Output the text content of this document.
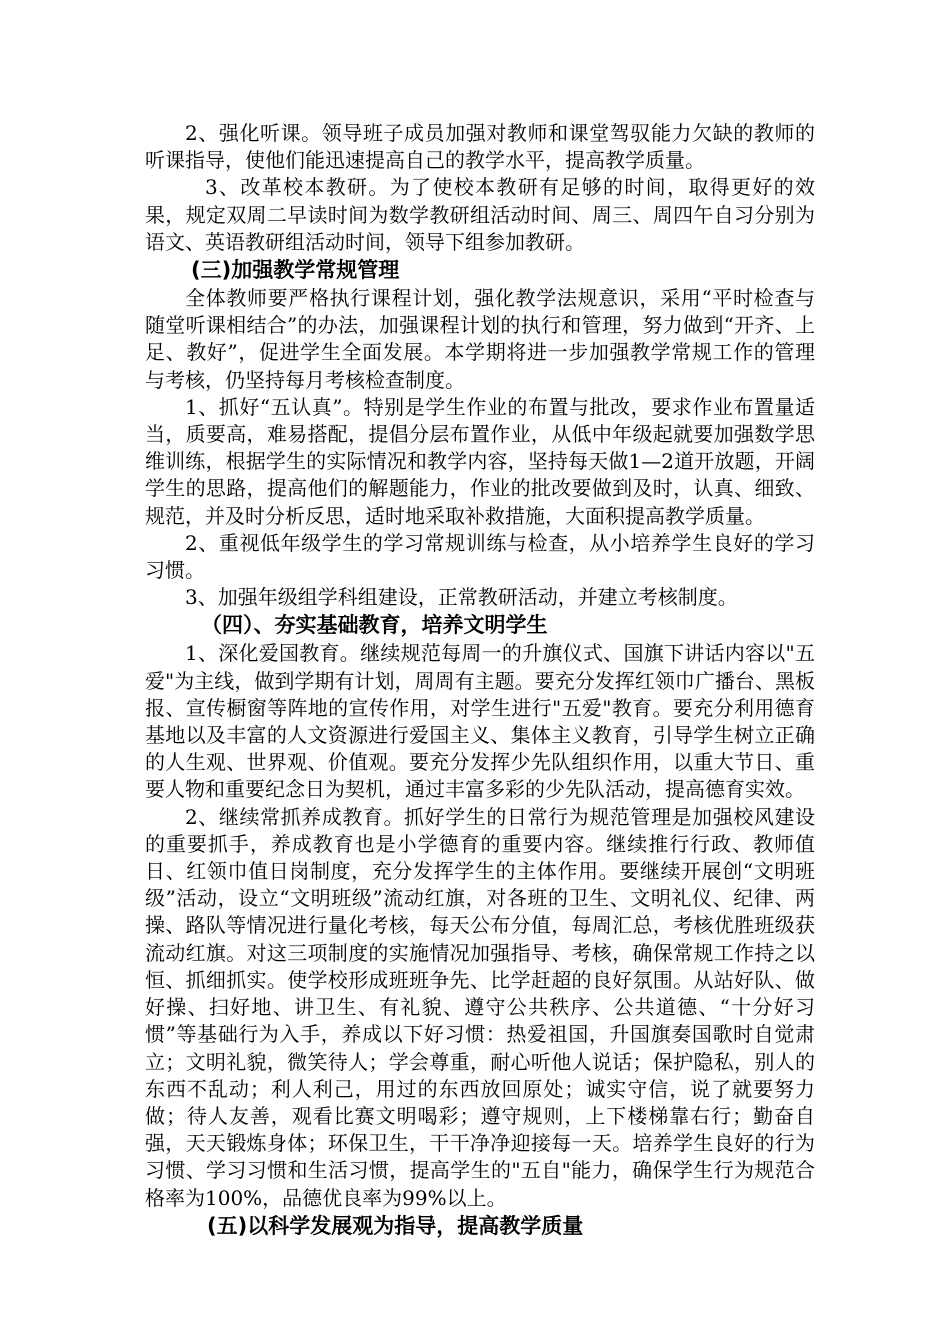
2、强化听课。领导班子成员加强对教师和课堂驾驭能力欠缺的教师的听课指导，使他们能迅速提高自己的教学水平，提高教学质量。

3、改革校本教研。为了使校本教研有足够的时间，取得更好的效果，规定双周二早读时间为数学教研组活动时间、周三、周四午自习分别为语文、英语教研组活动时间，领导下组参加教研。

(三)加强教学常规管理

全体教师要严格执行课程计划，强化教学法规意识，采用“平时检查与随堂听课相结合”的办法，加强课程计划的执行和管理，努力做到“开齐、上足、教好”，促进学生全面发展。本学期将进一步加强教学常规工作的管理与考核，仍坚持每月考核检查制度。

1、抓好“五认真”。特别是学生作业的布置与批改，要求作业布置量适当，质要高，难易搭配，提倡分层布置作业，从低中年级起就要加强数学思维训练，根据学生的实际情况和教学内容，坚持每天做1—2道开放题，开阔学生的思路，提高他们的解题能力，作业的批改要做到及时，认真、细致、规范，并及时分析反思，适时地采取补救措施，大面积提高教学质量。

2、重视低年级学生的学习常规训练与检查，从小培养学生良好的学习习惯。

3、加强年级组学科组建设，正常教研活动，并建立考核制度。

（四）、夯实基础教育，培养文明学生

1、深化爱国教育。继续规范每周一的升旗仪式、国旗下讲话内容以"五爱"为主线，做到学期有计划，周周有主题。要充分发挥红领巾广播台、黑板报、宣传橱窗等阵地的宣传作用，对学生进行"五爱"教育。要充分利用德育基地以及丰富的人文资源进行爱国主义、集体主义教育，引导学生树立正确的人生观、世界观、价值观。要充分发挥少先队组织作用，以重大节日、重要人物和重要纪念日为契机，通过丰富多彩的少先队活动，提高德育实效。

2、继续常抓养成教育。抓好学生的日常行为规范管理是加强校风建设的重要抓手，养成教育也是小学德育的重要内容。继续推行行政、教师值日、红领巾值日岗制度，充分发挥学生的主体作用。要继续开展创“文明班级”活动，设立“文明班级”流动红旗，对各班的卫生、文明礼仪、纪律、两操、路队等情况进行量化考核，每天公布分值，每周汇总，考核优胜班级获流动红旗。对这三项制度的实施情况加强指导、考核，确保常规工作持之以恒、抓细抓实。使学校形成班班争先、比学赶超的良好氛围。从站好队、做好操、扫好地、讲卫生、有礼貌、遵守公共秩序、公共道德、“十分好习惯”等基础行为入手，养成以下好习惯：热爱祖国，升国旗奏国歌时自觉肃立；文明礼貌，微笑待人；学会尊重，耐心听他人说话；保护隐私，别人的东西不乱动；利人利己，用过的东西放回原处；诚实守信，说了就要努力做；待人友善，观看比赛文明喝彩；遵守规则，上下楼梯靠右行；勤奋自强，天天锻炼身体；环保卫生，干干净净迎接每一天。培养学生良好的行为习惯、学习习惯和生活习惯，提高学生的"五自"能力，确保学生行为规范合格率为100%，品德优良率为99%以上。

(五)以科学发展观为指导，提高教学质量
